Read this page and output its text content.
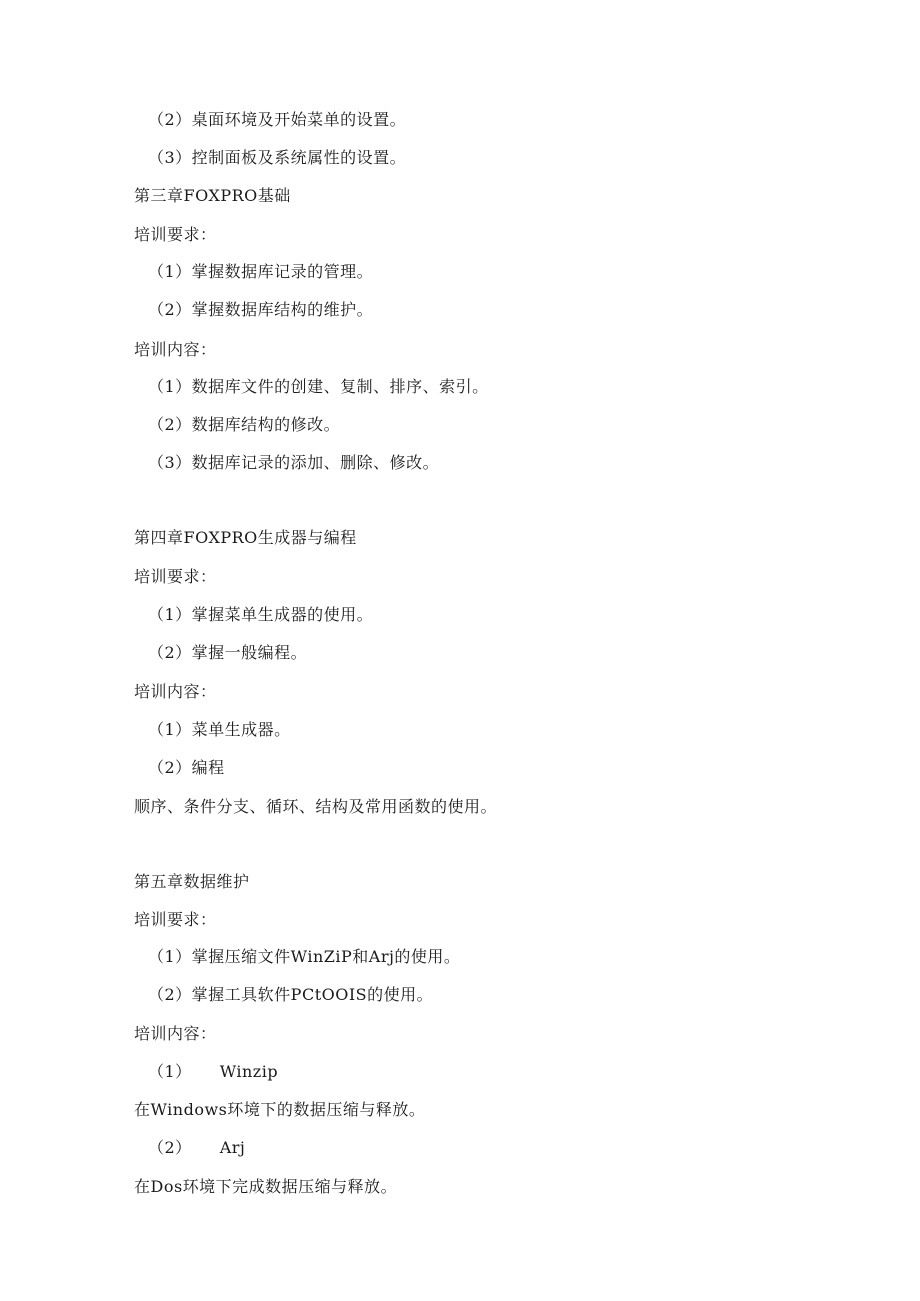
（2）桌面环境及开始菜单的设置。
（3）控制面板及系统属性的设置。
第三章FOXPRO基础
培训要求：
（1）掌握数据库记录的管理。
（2）掌握数据库结构的维护。
培训内容：
（1）数据库文件的创建、复制、排序、索引。
（2）数据库结构的修改。
（3）数据库记录的添加、删除、修改。
第四章FOXPRO生成器与编程
培训要求：
（1）掌握菜单生成器的使用。
（2）掌握一般编程。
培训内容：
（1）菜单生成器。
（2）编程
顺序、条件分支、循环、结构及常用函数的使用。
第五章数据维护
培训要求：
（1）掌握压缩文件WinZiP和Arj的使用。
（2）掌握工具软件PCtOOIS的使用。
培训内容：
（1） Winzip
在Windows环境下的数据压缩与释放。
（2） Arj
在Dos环境下完成数据压缩与释放。
